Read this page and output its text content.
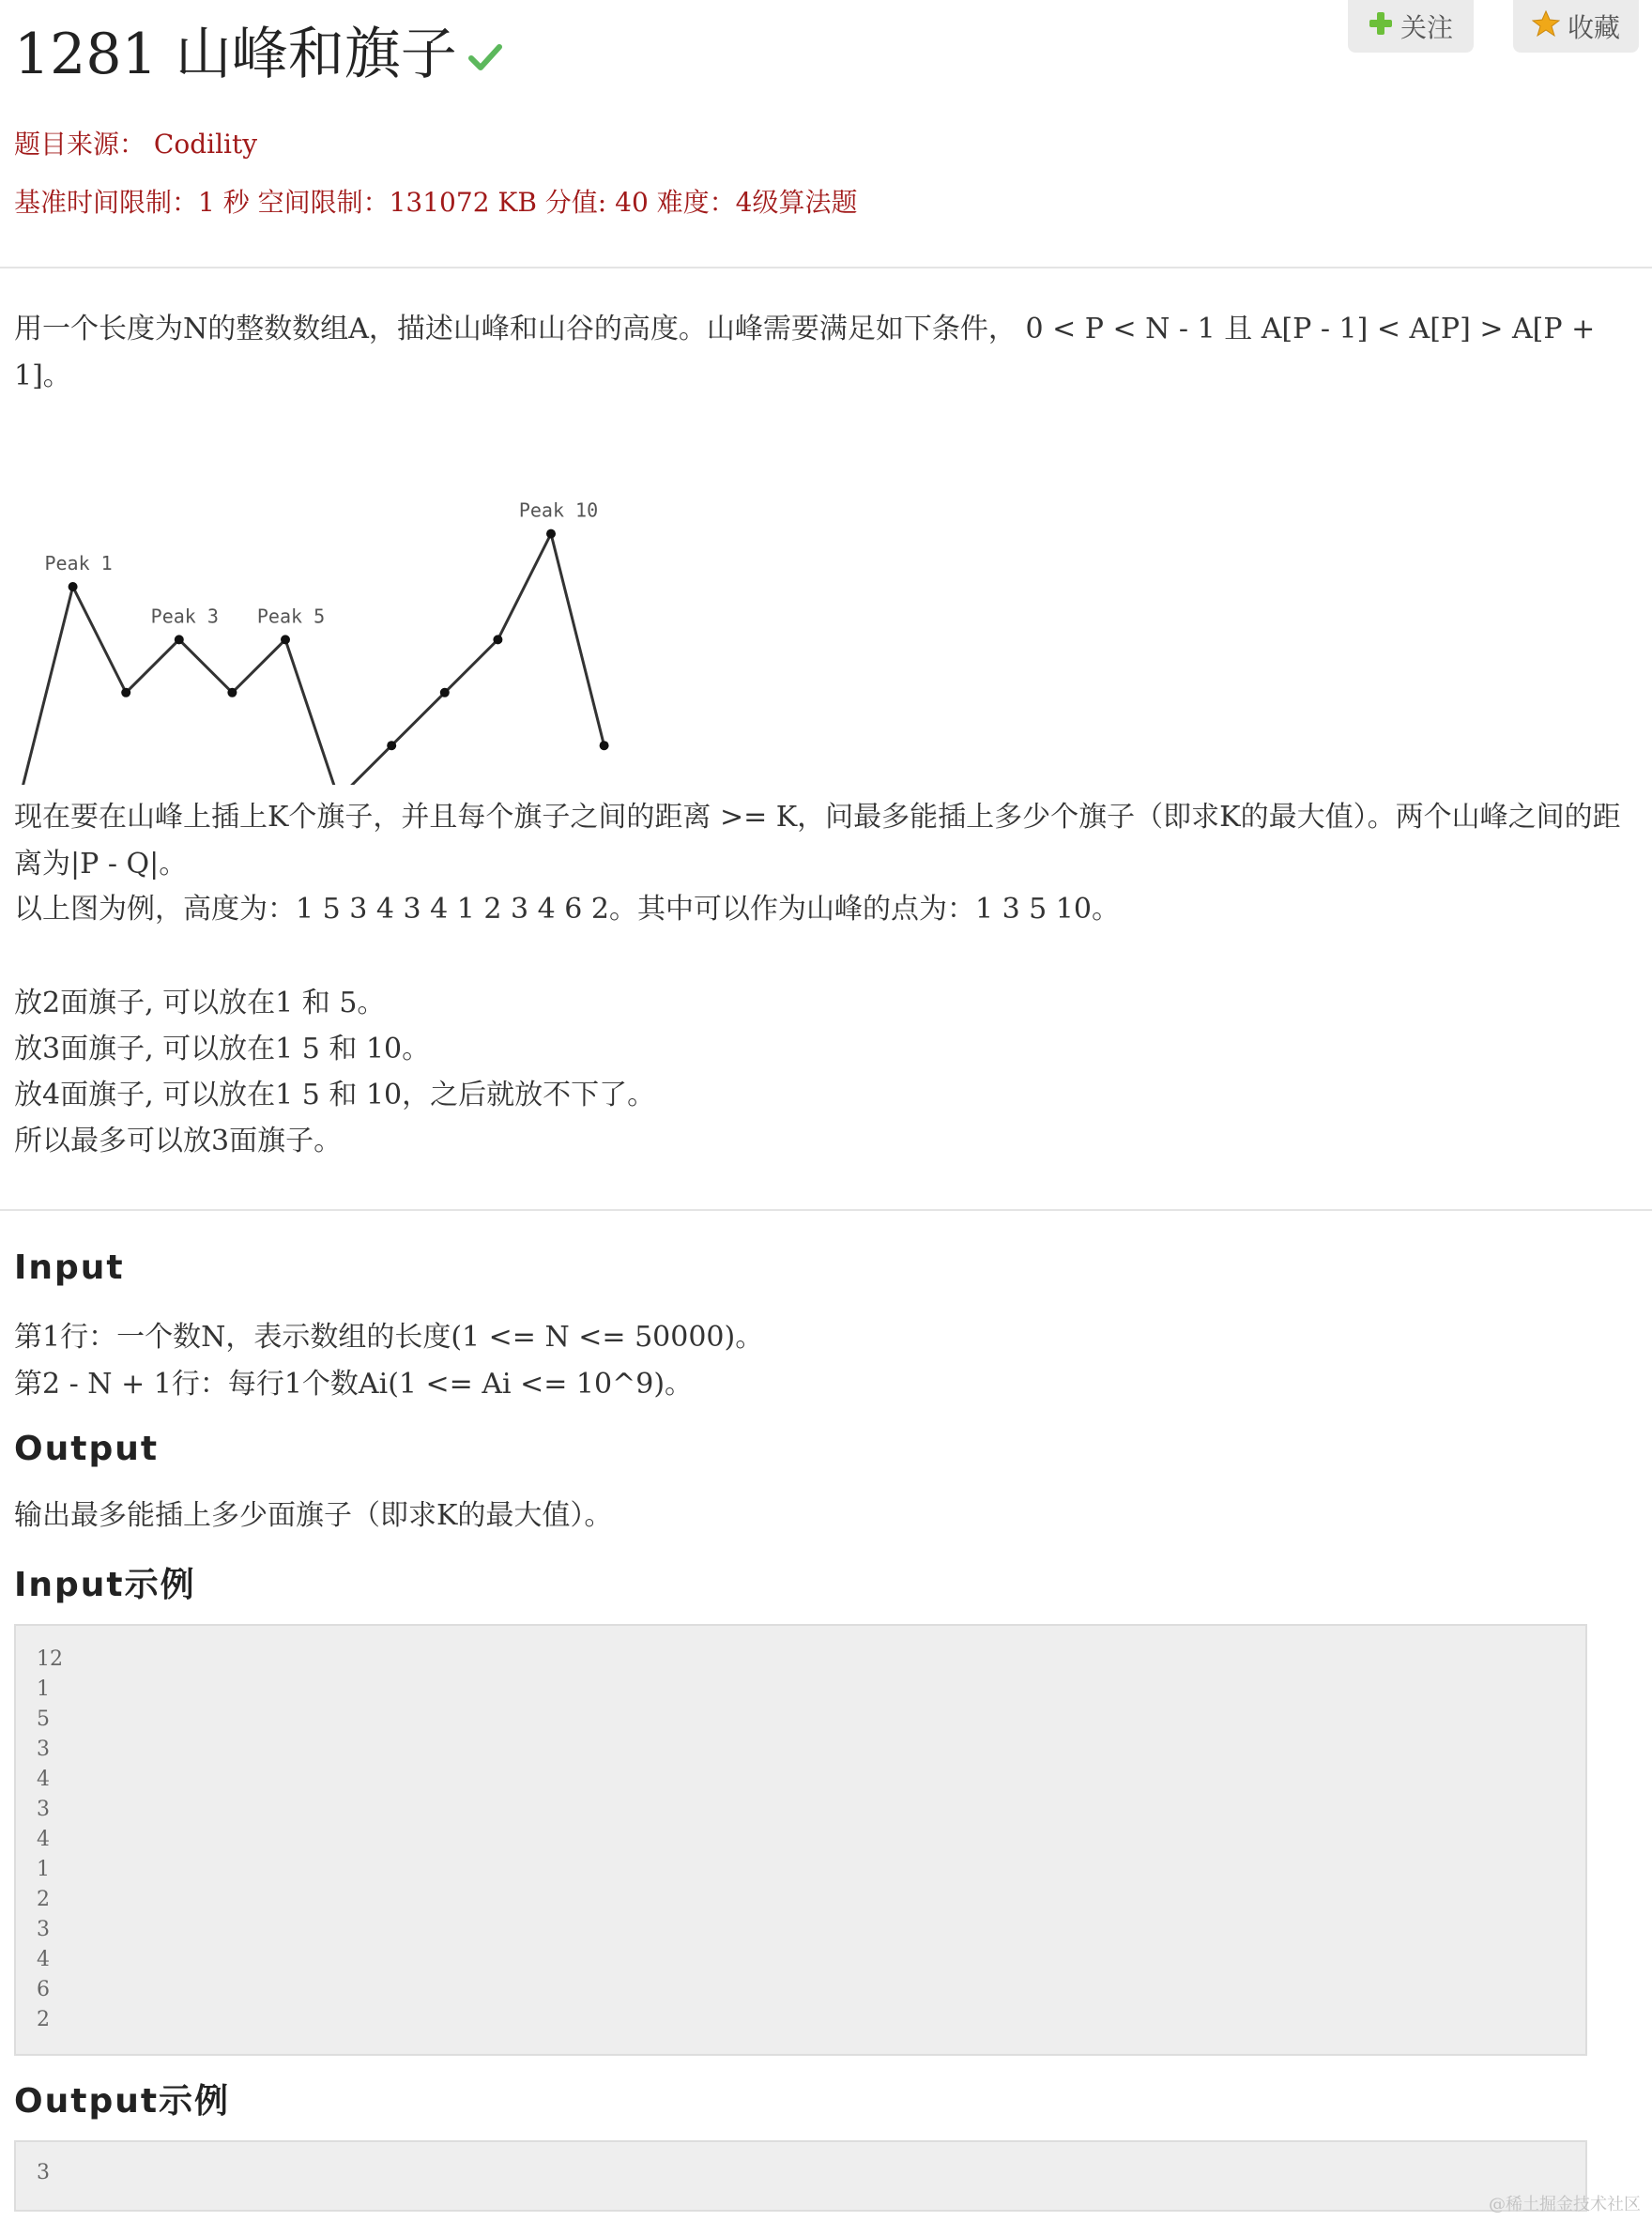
1281 山峰和旗子	关注	收藏
题目来源： Codility
基准时间限制：1 秒 空间限制：131072 KB 分值: 40 难度：4级算法题
用一个长度为N的整数数组A，描述山峰和山谷的高度。山峰需要满足如下条件， 0 < P < N - 1 且 A[P - 1] < A[P] > A[P + 1]。
Peak 1
Peak 3 Peak 5
Peak 10
现在要在山峰上插上K个旗子，并且每个旗子之间的距离 >= K，问最多能插上多少个旗子（即求K的最大值）。两个山峰之间的距离为|P - Q|。
以上图为例，高度为：1 5 3 4 3 4 1 2 3 4 6 2。其中可以作为山峰的点为：1 3 5 10。
放2面旗子, 可以放在1 和 5。
放3面旗子, 可以放在1 5 和 10。
放4面旗子, 可以放在1 5 和 10，之后就放不下了。
所以最多可以放3面旗子。
Input
第1行：一个数N，表示数组的长度(1 <= N <= 50000)。
第2 - N + 1行：每行1个数Ai(1 <= Ai <= 10^9)。
Output
输出最多能插上多少面旗子（即求K的最大值）。
Input示例
12
1
5
3
4
3
4
1
2
3
4
6
2
Output示例
3
@稀土掘金技术社区
